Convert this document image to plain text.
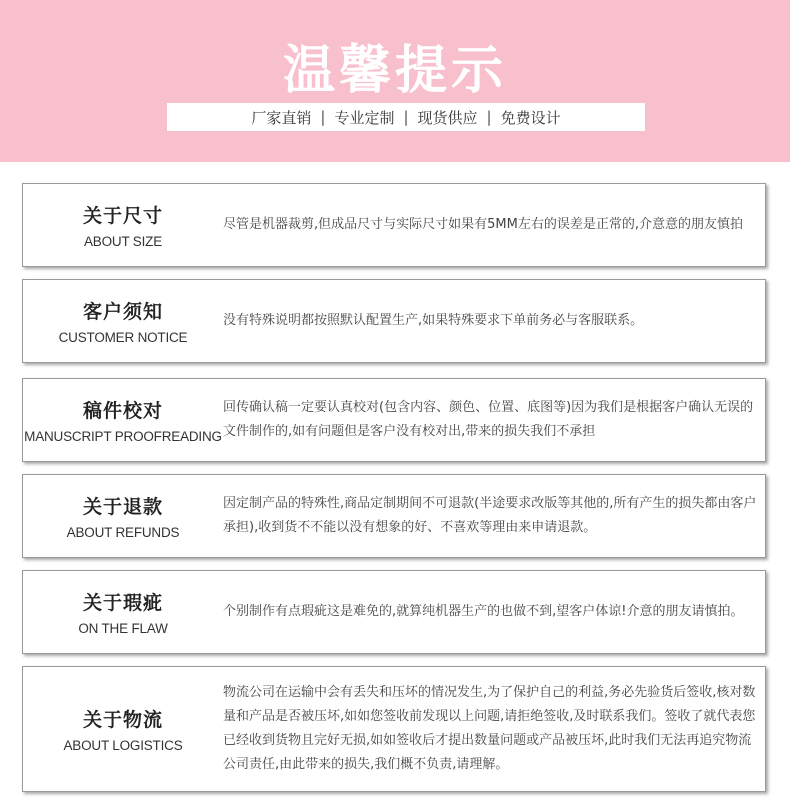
温馨提示
厂家直销 | 专业定制 | 现货供应 | 免费设计
关于尺寸
ABOUT SIZE
尽管是机器裁剪,但成品尺寸与实际尺寸如果有5MM左右的误差是正常的,介意意的朋友慎拍
客户须知
CUSTOMER NOTICE
没有特殊说明都按照默认配置生产,如果特殊要求下单前务必与客服联系。
稿件校对
MANUSCRIPT PROOFREADING
回传确认稿一定要认真校对(包含内容、颜色、位置、底图等)因为我们是根据客户确认无误的文件制作的,如有问题但是客户没有校对出,带来的损失我们不承担
关于退款
ABOUT REFUNDS
因定制产品的特殊性,商品定制期间不可退款(半途要求改版等其他的,所有产生的损失都由客户承担),收到货不不能以没有想象的好、不喜欢等理由来申请退款。
关于瑕疵
ON THE FLAW
个别制作有点瑕疵这是难免的,就算纯机器生产的也做不到,望客户体谅!介意的朋友请慎拍。
关于物流
ABOUT LOGISTICS
物流公司在运输中会有丢失和压坏的情况发生,为了保护自己的利益,务必先验货后签收,核对数量和产品是否被压坏,如如您签收前发现以上问题,请拒绝签收,及时联系我们。签收了就代表您已经收到货物且完好无损,如如签收后才提出数量问题或产品被压坏,此时我们无法再追究物流公司责任,由此带来的损失,我们概不负责,请理解。
